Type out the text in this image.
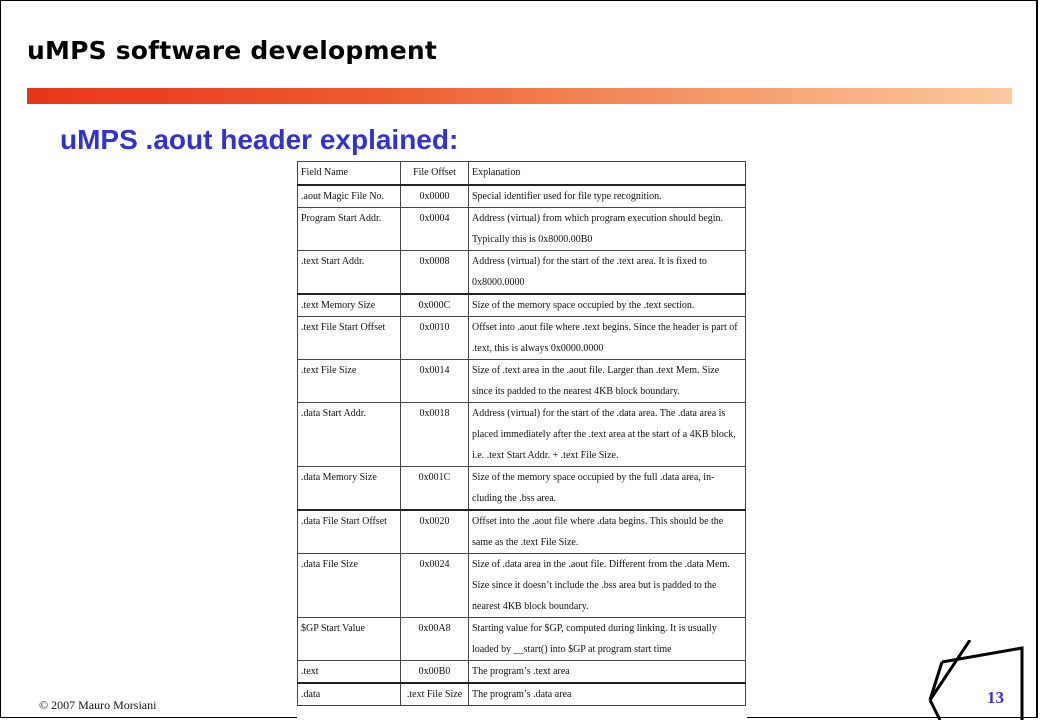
uMPS software development
uMPS .aout header explained:
Field Name	File Offset	Explanation
.aout Magic File No.	0x0000	Special identifier used for file type recognition.
Program Start Addr.	0x0004	Address (virtual) from which program execution should begin. Typically this is 0x8000.00B0
.text Start Addr.	0x0008	Address (virtual) for the start of the .text area. It is fixed to 0x8000.0000
.text Memory Size	0x000C	Size of the memory space occupied by the .text section.
.text File Start Offset	0x0010	Offset into .aout file where .text begins. Since the header is part of .text, this is always 0x0000.0000
.text File Size	0x0014	Size of .text area in the .aout file. Larger than .text Mem. Size since its padded to the nearest 4KB block boundary.
.data Start Addr.	0x0018	Address (virtual) for the start of the .data area. The .data area is placed immediately after the .text area at the start of a 4KB block, i.e. .text Start Addr. + .text File Size.
.data Memory Size	0x001C	Size of the memory space occupied by the full .data area, in- cluding the .bss area.
.data File Start Offset	0x0020	Offset into the .aout file where .data begins. This should be the same as the .text File Size.
.data File Size	0x0024	Size of .data area in the .aout file. Different from the .data Mem. Size since it doesn’t include the .bss area but is padded to the nearest 4KB block boundary.
$GP Start Value	0x00A8	Starting value for $GP, computed during linking. It is usually loaded by __start() into $GP at program start time
.text	0x00B0	The program’s .text area
.data	.text File Size	The program’s .data area
© 2007 Mauro Morsiani	13
